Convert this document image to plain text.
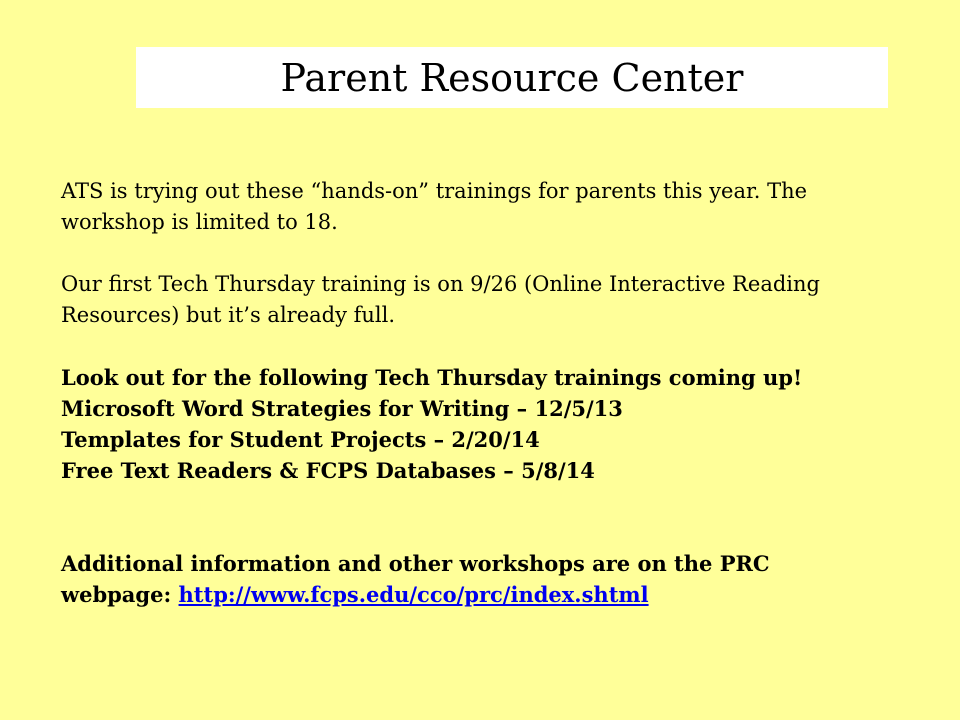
Parent Resource Center

ATS is trying out these “hands-on” trainings for parents this year. The
workshop is limited to 18.

Our first Tech Thursday training is on 9/26 (Online Interactive Reading
Resources) but it’s already full.

Look out for the following Tech Thursday trainings coming up!
Microsoft Word Strategies for Writing – 12/5/13
Templates for Student Projects – 2/20/14
Free Text Readers & FCPS Databases – 5/8/14

Additional information and other workshops are on the PRC
webpage: http://www.fcps.edu/cco/prc/index.shtml
